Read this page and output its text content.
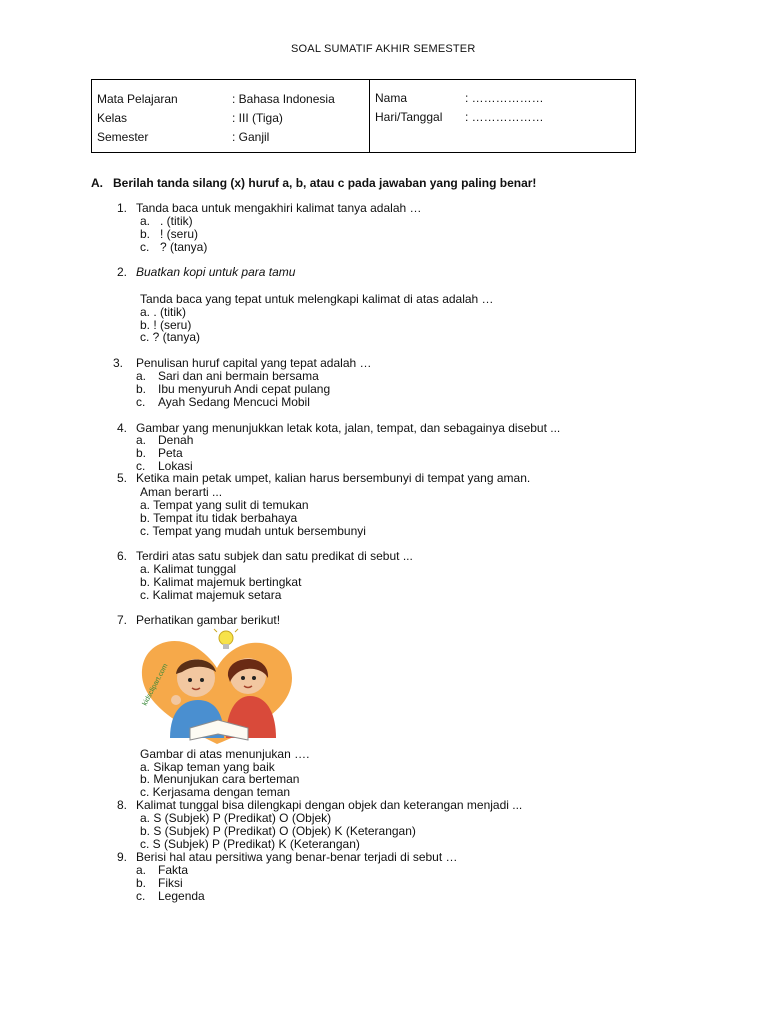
SOAL SUMATIF AKHIR SEMESTER
Mata Pelajaran	: Bahasa Indonesia
Kelas	: III (Tiga)
Semester	: Ganjil
Nama	: ………………
Hari/Tanggal : ………………
A. Berilah tanda silang (x) huruf a, b, atau c pada jawaban yang paling benar!
1. Tanda baca untuk mengakhiri kalimat tanya adalah …
a. . (titik)
b. ! (seru)
c. ? (tanya)
2. Buatkan kopi untuk para tamu
Tanda baca yang tepat untuk melengkapi kalimat di atas adalah …
a. . (titik)
b. ! (seru)
c. ? (tanya)
3. Penulisan huruf capital yang tepat adalah …
a. Sari dan ani bermain bersama
b. Ibu menyuruh Andi cepat pulang
c. Ayah Sedang Mencuci Mobil
4. Gambar yang menunjukkan letak kota, jalan, tempat, dan sebagainya disebut ...
a. Denah
b. Peta
c. Lokasi
5. Ketika main petak umpet, kalian harus bersembunyi di tempat yang aman.
Aman berarti ...
a. Tempat yang sulit di temukan
b. Tempat itu tidak berbahaya
c. Tempat yang mudah untuk bersembunyi
6. Terdiri atas satu subjek dan satu predikat di sebut ...
a. Kalimat tunggal
b. Kalimat majemuk bertingkat
c. Kalimat majemuk setara
7. Perhatikan gambar berikut!
kidsclipart.com
Gambar di atas menunjukan ….
a. Sikap teman yang baik
b. Menunjukan cara berteman
c. Kerjasama dengan teman
8. Kalimat tunggal bisa dilengkapi dengan objek dan keterangan menjadi ...
a. S (Subjek) P (Predikat) O (Objek)
b. S (Subjek) P (Predikat) O (Objek) K (Keterangan)
c. S (Subjek) P (Predikat) K (Keterangan)
9. Berisi hal atau persitiwa yang benar-benar terjadi di sebut …
a. Fakta
b. Fiksi
c. Legenda
